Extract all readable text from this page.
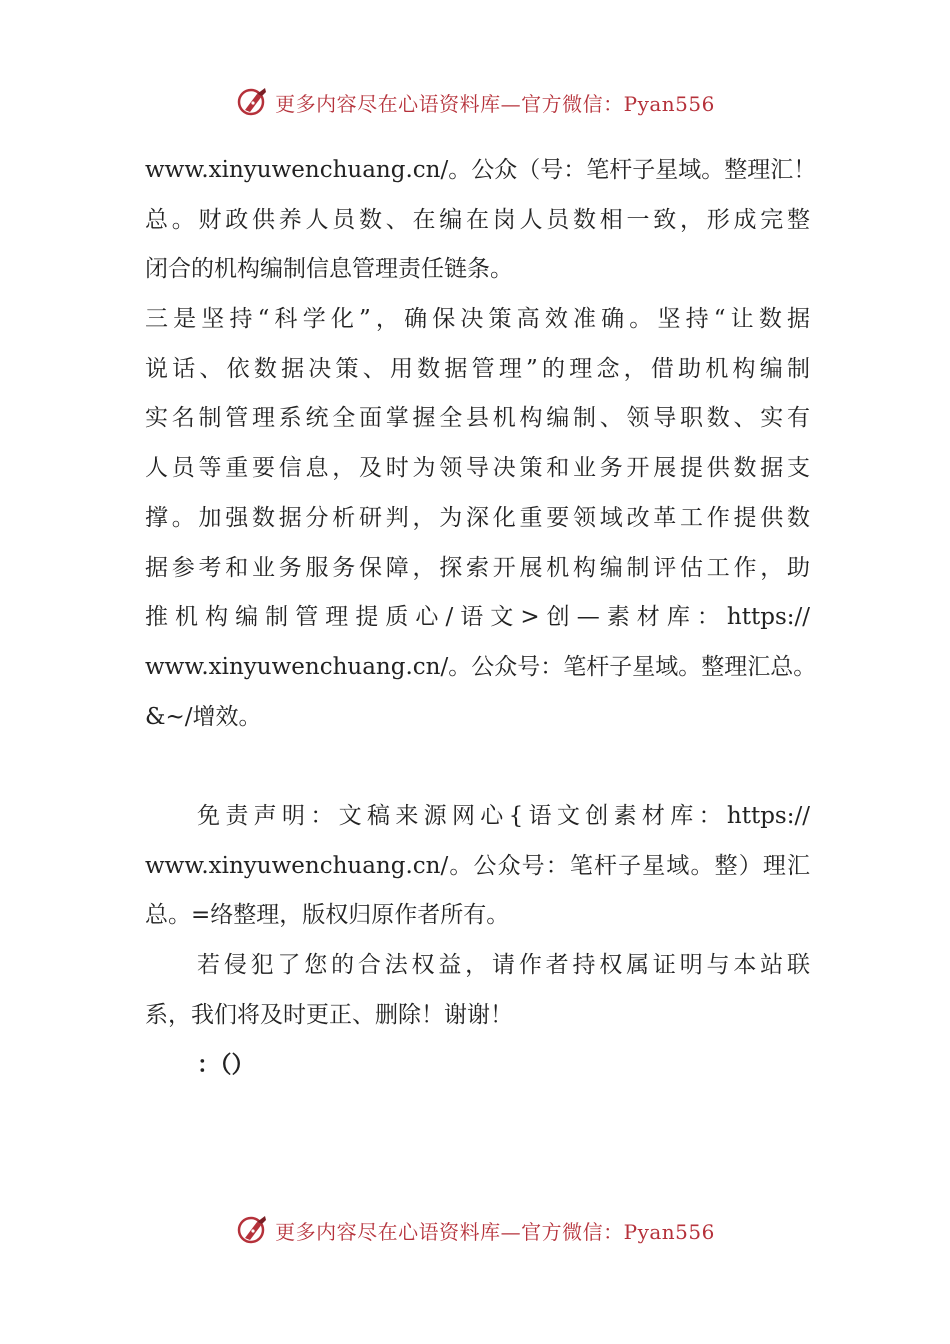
更多内容尽在心语资料库—官方微信：Pyan556
www.xinyuwenchuang.cn/。公众（号：笔杆子星域。整理汇！
总。财政供养人员数、在编在岗人员数相一致，形成完整
闭合的机构编制信息管理责任链条。
三是坚持“科学化”，确保决策高效准确。坚持“让数据
说话、依数据决策、用数据管理”的理念，借助机构编制
实名制管理系统全面掌握全县机构编制、领导职数、实有
人员等重要信息，及时为领导决策和业务开展提供数据支
撑。加强数据分析研判，为深化重要领域改革工作提供数
据参考和业务服务保障，探索开展机构编制评估工作，助
推机构编制管理提质心/语文>创—素材库：https://
www.xinyuwenchuang.cn/。公众号：笔杆子星域。整理汇总。
&~/增效。
免责声明：文稿来源网心{语文创素材库：https://
www.xinyuwenchuang.cn/。公众号：笔杆子星域。整）理汇
总。=络整理，版权归原作者所有。
若侵犯了您的合法权益，请作者持权属证明与本站联
系，我们将及时更正、删除！谢谢！
：（）
更多内容尽在心语资料库—官方微信：Pyan556
